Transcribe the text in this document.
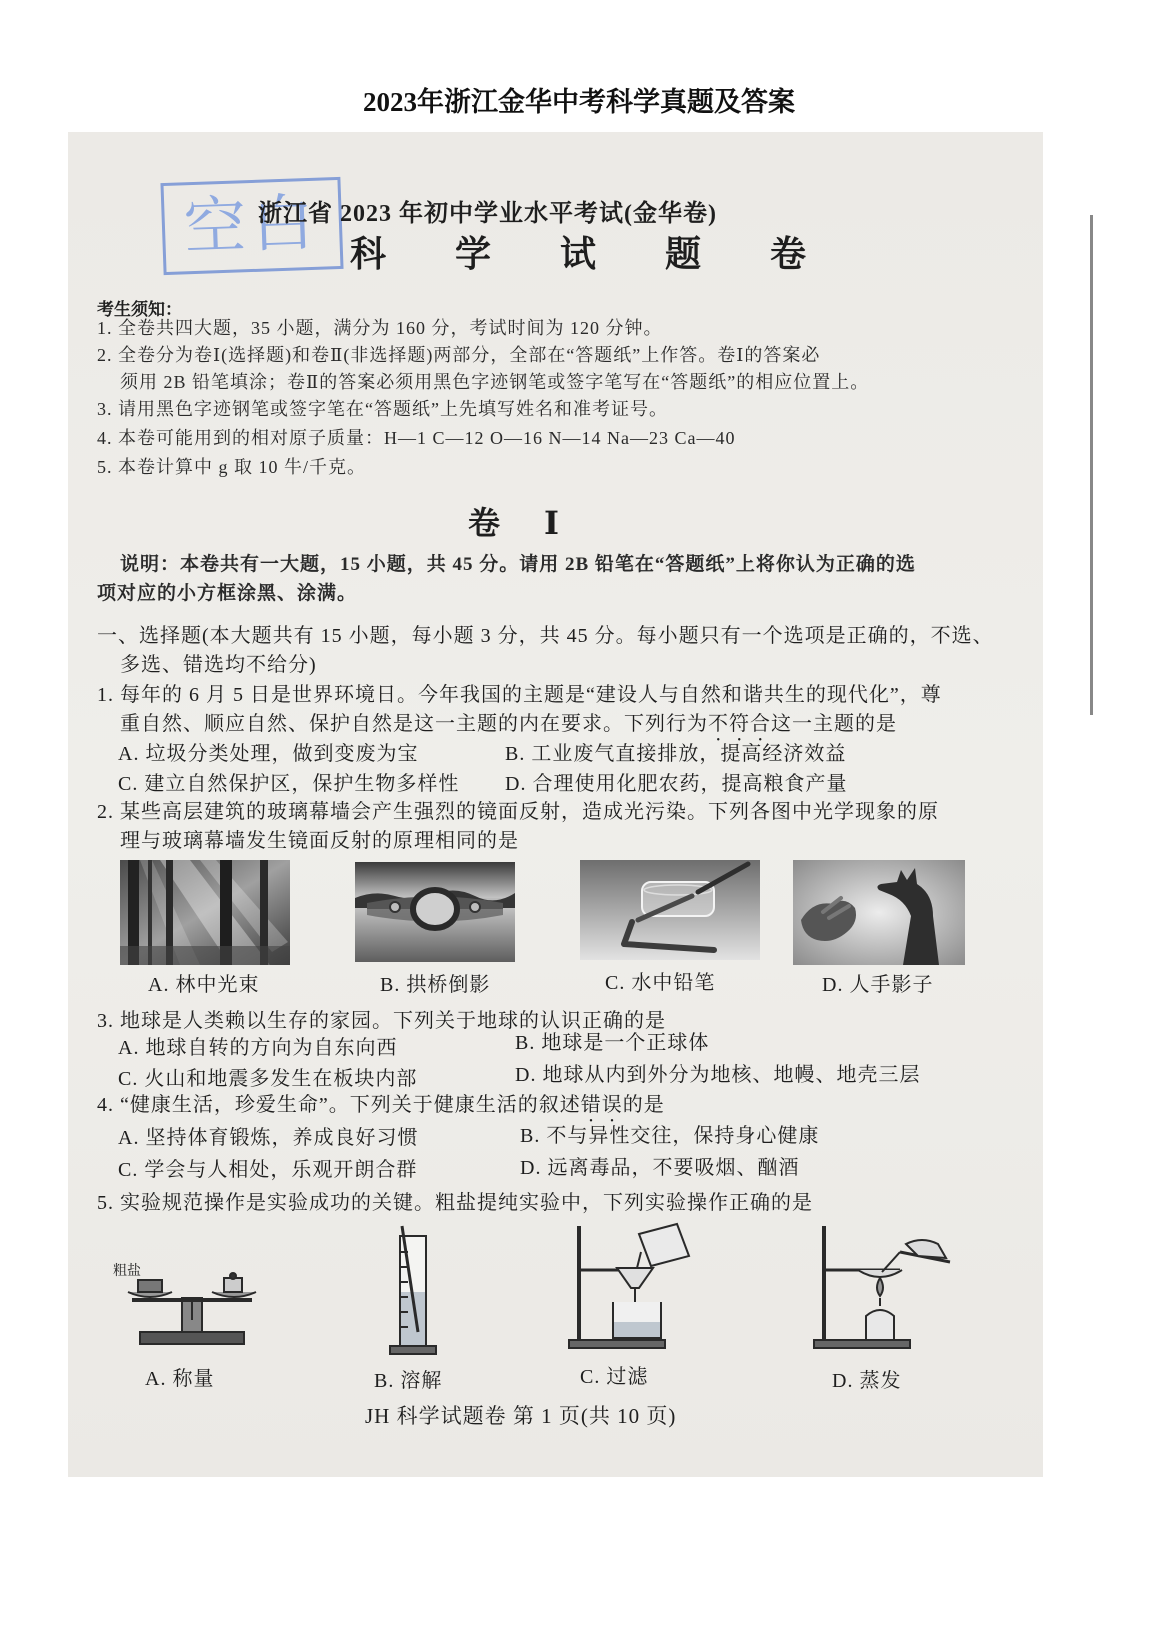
2023年浙江金华中考科学真题及答案
空白
浙江省 2023 年初中学业水平考试(金华卷)
科 学 试 题 卷
考生须知：
1. 全卷共四大题，35 小题，满分为 160 分，考试时间为 120 分钟。
2. 全卷分为卷Ⅰ(选择题)和卷Ⅱ(非选择题)两部分，全部在“答题纸”上作答。卷Ⅰ的答案必
须用 2B 铅笔填涂；卷Ⅱ的答案必须用黑色字迹钢笔或签字笔写在“答题纸”的相应位置上。
3. 请用黑色字迹钢笔或签字笔在“答题纸”上先填写姓名和准考证号。
4. 本卷可能用到的相对原子质量：H—1 C—12 O—16 N—14 Na—23 Ca—40
5. 本卷计算中 g 取 10 牛/千克。
卷 Ⅰ
说明：本卷共有一大题，15 小题，共 45 分。请用 2B 铅笔在“答题纸”上将你认为正确的选
项对应的小方框涂黑、涂满。
一、选择题(本大题共有 15 小题，每小题 3 分，共 45 分。每小题只有一个选项是正确的，不选、
多选、错选均不给分)
1. 每年的 6 月 5 日是世界环境日。今年我国的主题是“建设人与自然和谐共生的现代化”，尊
重自然、顺应自然、保护自然是这一主题的内在要求。下列行为不符合这一主题的是
A. 垃圾分类处理，做到变废为宝	B. 工业废气直接排放，提高经济效益
C. 建立自然保护区，保护生物多样性 D. 合理使用化肥农药，提高粮食产量
2. 某些高层建筑的玻璃幕墙会产生强烈的镜面反射，造成光污染。下列各图中光学现象的原
理与玻璃幕墙发生镜面反射的原理相同的是
A. 林中光束	B. 拱桥倒影	C. 水中铅笔	D. 人手影子
3. 地球是人类赖以生存的家园。下列关于地球的认识正确的是
A. 地球自转的方向为自东向西	B. 地球是一个正球体
C. 火山和地震多发生在板块内部	D. 地球从内到外分为地核、地幔、地壳三层
4. “健康生活，珍爱生命”。下列关于健康生活的叙述错误的是
A. 坚持体育锻炼，养成良好习惯	B. 不与异性交往，保持身心健康
C. 学会与人相处，乐观开朗合群	D. 远离毒品，不要吸烟、酗酒
5. 实验规范操作是实验成功的关键。粗盐提纯实验中，下列实验操作正确的是
粗盐
A. 称量	B. 溶解	C. 过滤	D. 蒸发
JH 科学试题卷 第 1 页(共 10 页)
